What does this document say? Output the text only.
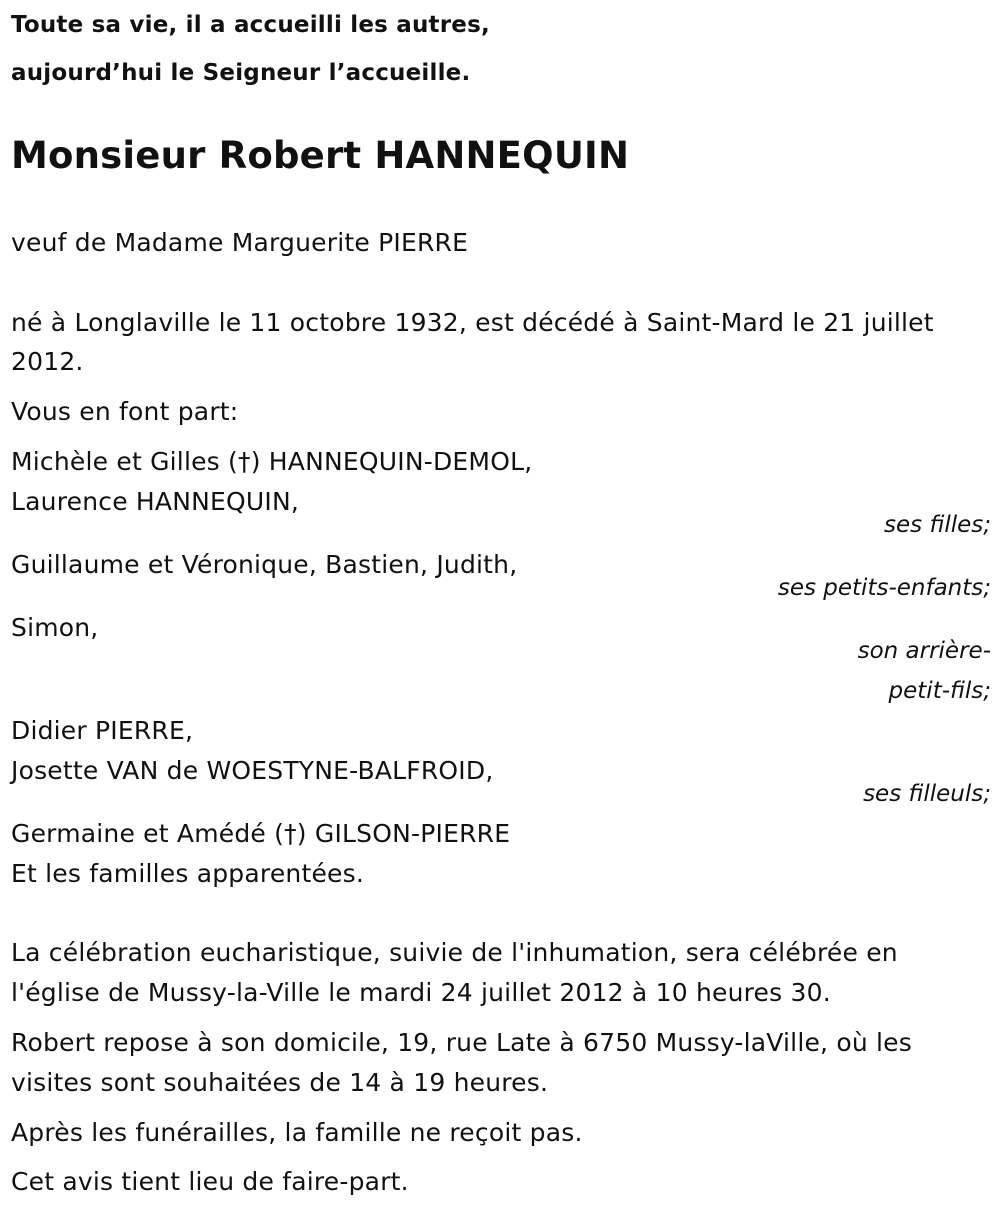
Toute sa vie, il a accueilli les autres,
aujourd’hui le Seigneur l’accueille.
Monsieur Robert HANNEQUIN
veuf de Madame Marguerite PIERRE
né à Longlaville le 11 octobre 1932, est décédé à Saint-Mard le 21 juillet
2012.
Vous en font part:
Michèle et Gilles (†) HANNEQUIN-DEMOL,
Laurence HANNEQUIN,
ses filles;
Guillaume et Véronique, Bastien, Judith,
ses petits-enfants;
Simon,
son arrière-
petit-fils;
Didier PIERRE,
Josette VAN de WOESTYNE-BALFROID,
ses filleuls;
Germaine et Amédé (†) GILSON-PIERRE
Et les familles apparentées.
La célébration eucharistique, suivie de l'inhumation, sera célébrée en
l'église de Mussy-la-Ville le mardi 24 juillet 2012 à 10 heures 30.
Robert repose à son domicile, 19, rue Late à 6750 Mussy-laVille, où les
visites sont souhaitées de 14 à 19 heures.
Après les funérailles, la famille ne reçoit pas.
Cet avis tient lieu de faire-part.
